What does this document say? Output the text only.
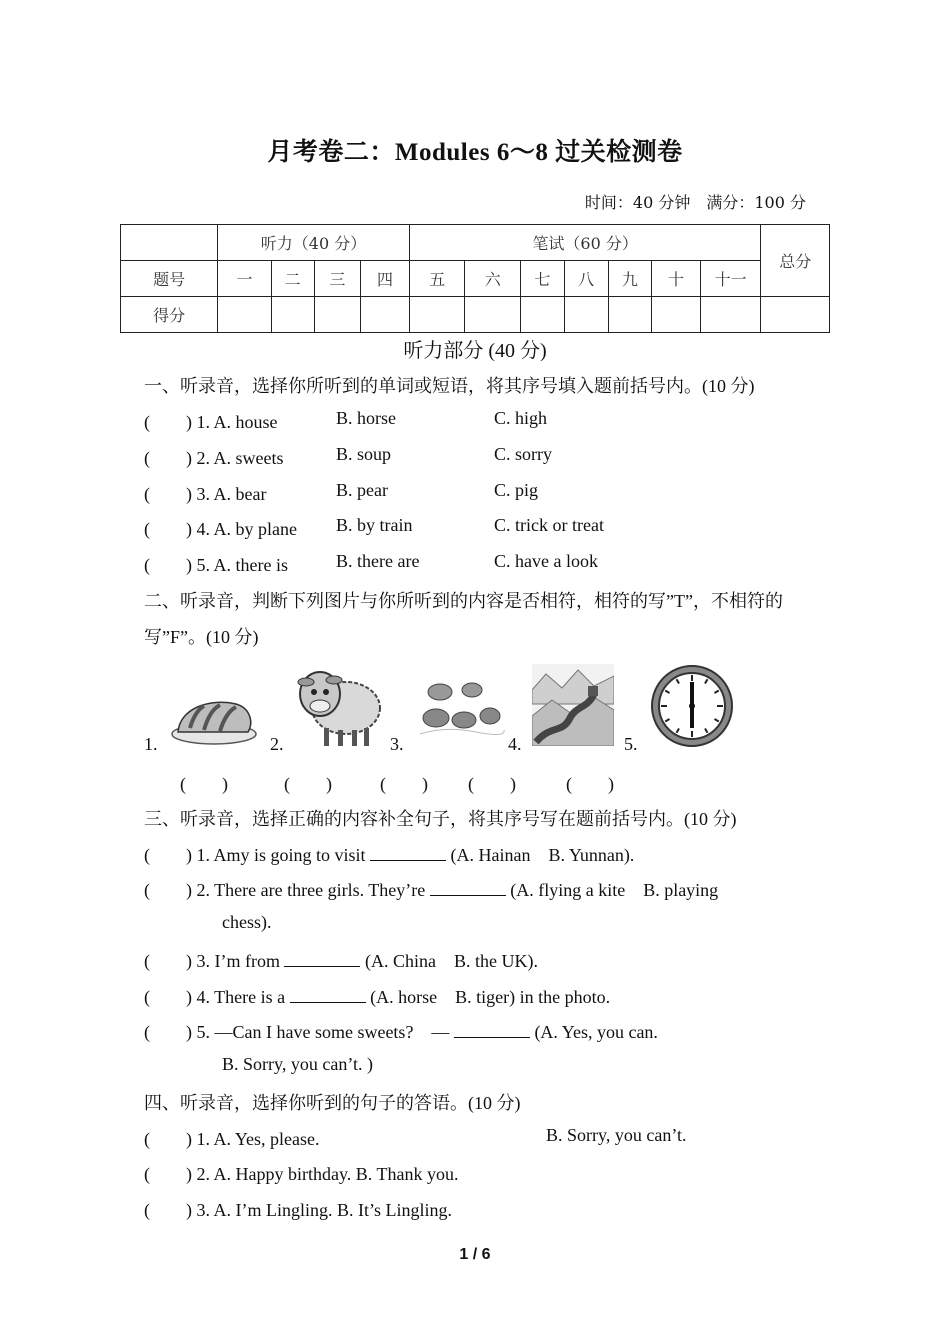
月考卷二：Modules 6～8 过关检测卷
时间：40 分钟　满分：100 分
	听力（40 分）				笔试（60 分）							总分
题号	一	二	三	四	五	六	七	八	九	十	十一	
得分												
听力部分 (40 分)
一、听录音，选择你所听到的单词或短语，将其序号填入题前括号内。(10 分)
(　　) 1. A. house	B. horse	C. high
(　　) 2. A. sweets	B. soup	C. sorry
(　　) 3. A. bear	B. pear	C. pig
(　　) 4. A. by plane B. by train	C. trick or treat
(　　) 5. A. there is	B. there are	C. have a look
二、听录音，判断下列图片与你所听到的内容是否相符，相符的写”T”，不相符的
写”F”。(10 分)
1.	2.	3.	4.	5.
(　　)	(　　)	(　　) (　　)	(　　)
三、听录音，选择正确的内容补全句子，将其序号写在题前括号内。(10 分)
(　　) 1. Amy is going to visit	(A. Hainan　B. Yunnan).
(　　) 2. There are three girls. They’re	(A. flying a kite　B. playing
chess).
(　　) 3. I’m from	(A. China　B. the UK).
(　　) 4. There is a	(A. horse　B. tiger) in the photo.
(　　) 5. —Can I have some sweets?　—	(A. Yes, you can.
B. Sorry, you can’t. )
四、听录音，选择你听到的句子的答语。(10 分)
(　　) 1. A. Yes, please.	B. Sorry, you can’t.
(　　) 2. A. Happy birthday. B. Thank you.
(　　) 3. A. I’m Lingling. B. It’s Lingling.
1 / 6
